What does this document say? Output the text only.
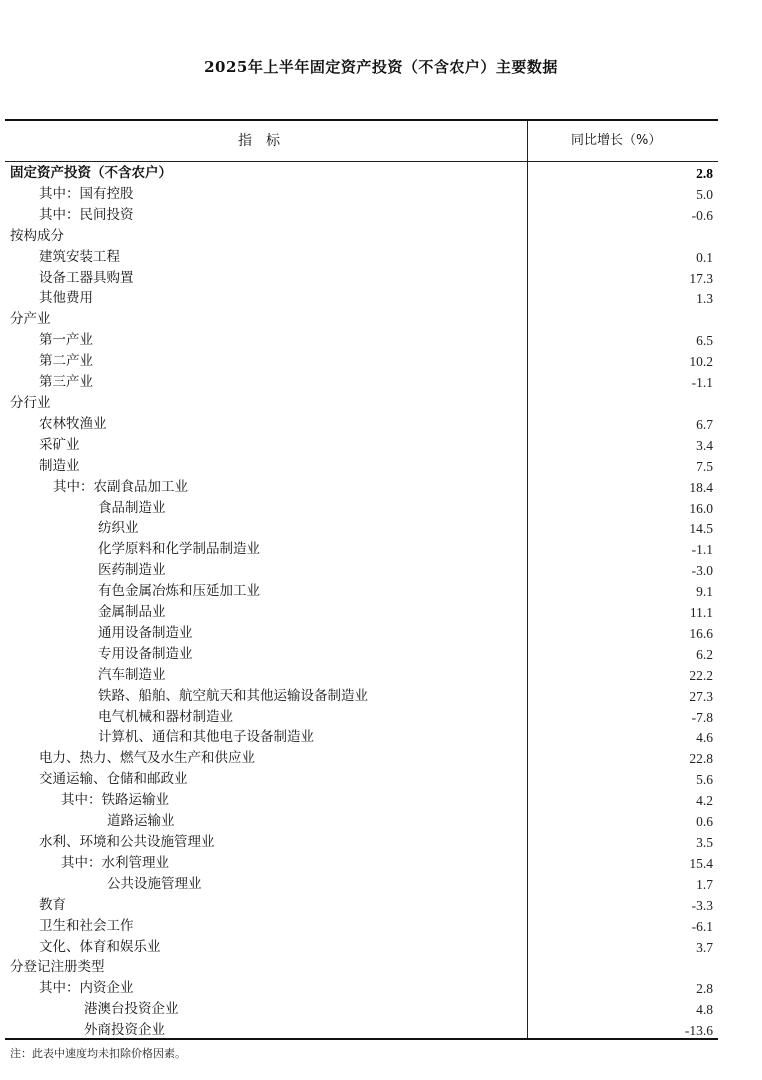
2025年上半年固定资产投资（不含农户）主要数据
指标	同比增长（%）
固定资产投资（不含农户）	2.8
其中：国有控股	5.0
其中：民间投资	-0.6
按构成分
建筑安装工程	0.1
设备工器具购置	17.3
其他费用	1.3
分产业
第一产业	6.5
第二产业	10.2
第三产业	-1.1
分行业
农林牧渔业	6.7
采矿业	3.4
制造业	7.5
其中：农副食品加工业	18.4
食品制造业	16.0
纺织业	14.5
化学原料和化学制品制造业	-1.1
医药制造业	-3.0
有色金属冶炼和压延加工业	9.1
金属制品业	11.1
通用设备制造业	16.6
专用设备制造业	6.2
汽车制造业	22.2
铁路、船舶、航空航天和其他运输设备制造业	27.3
电气机械和器材制造业	-7.8
计算机、通信和其他电子设备制造业	4.6
电力、热力、燃气及水生产和供应业	22.8
交通运输、仓储和邮政业	5.6
其中：铁路运输业	4.2
道路运输业	0.6
水利、环境和公共设施管理业	3.5
其中：水利管理业	15.4
公共设施管理业	1.7
教育	-3.3
卫生和社会工作	-6.1
文化、体育和娱乐业	3.7
分登记注册类型
其中：内资企业	2.8
港澳台投资企业	4.8
外商投资企业	-13.6
注：此表中速度均未扣除价格因素。
